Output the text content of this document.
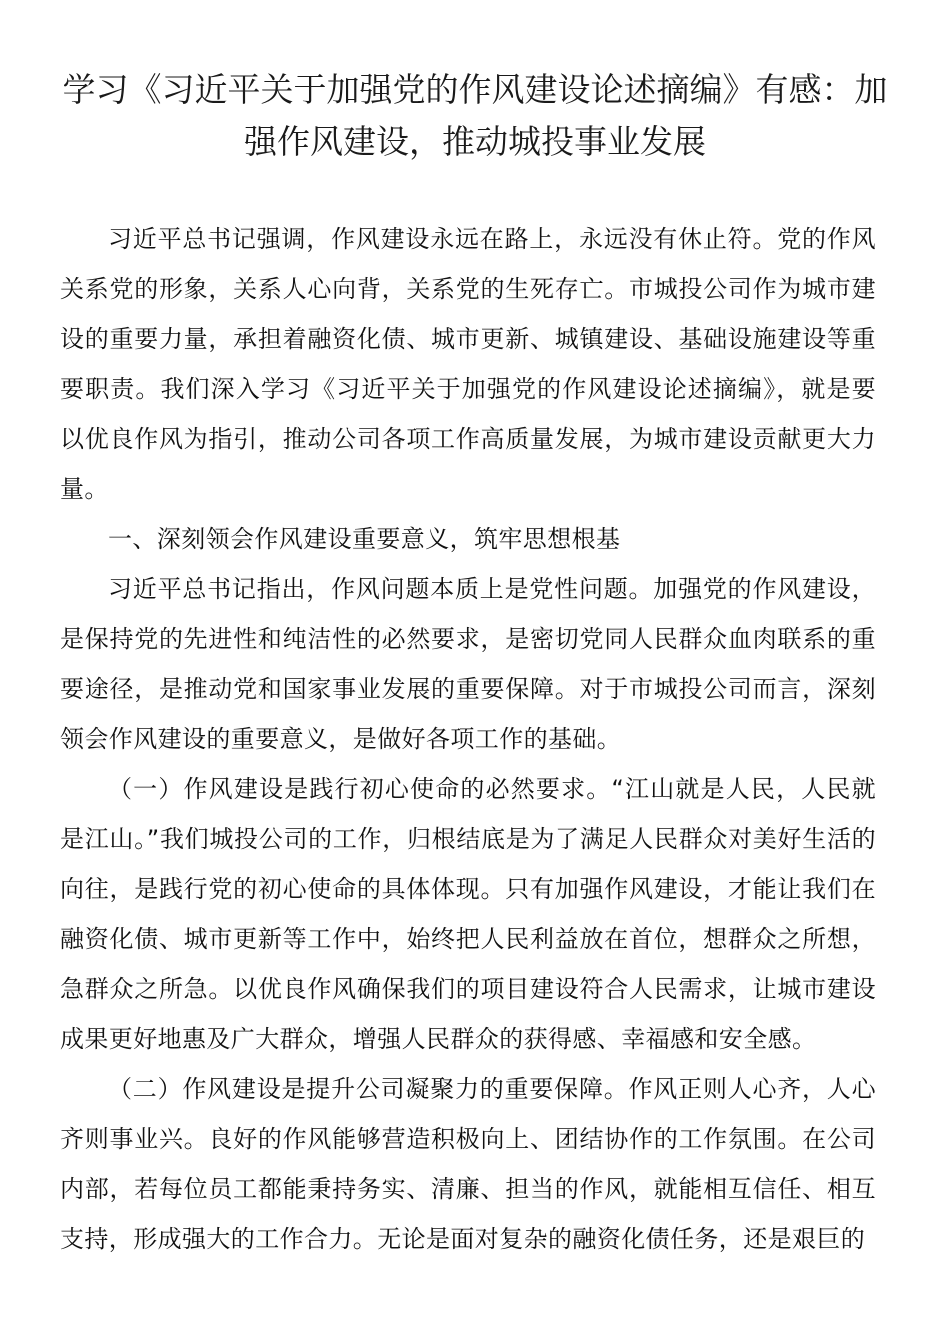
学习《习近平关于加强党的作风建设论述摘编》有感：加强作风建设，推动城投事业发展

习近平总书记强调，作风建设永远在路上，永远没有休止符。党的作风关系党的形象，关系人心向背，关系党的生死存亡。市城投公司作为城市建设的重要力量，承担着融资化债、城市更新、城镇建设、基础设施建设等重要职责。我们深入学习《习近平关于加强党的作风建设论述摘编》，就是要以优良作风为指引，推动公司各项工作高质量发展，为城市建设贡献更大力量。

一、深刻领会作风建设重要意义，筑牢思想根基

习近平总书记指出，作风问题本质上是党性问题。加强党的作风建设，是保持党的先进性和纯洁性的必然要求，是密切党同人民群众血肉联系的重要途径，是推动党和国家事业发展的重要保障。对于市城投公司而言，深刻领会作风建设的重要意义，是做好各项工作的基础。

（一）作风建设是践行初心使命的必然要求。“江山就是人民，人民就是江山。”我们城投公司的工作，归根结底是为了满足人民群众对美好生活的向往，是践行党的初心使命的具体体现。只有加强作风建设，才能让我们在融资化债、城市更新等工作中，始终把人民利益放在首位，想群众之所想，急群众之所急。以优良作风确保我们的项目建设符合人民需求，让城市建设成果更好地惠及广大群众，增强人民群众的获得感、幸福感和安全感。

（二）作风建设是提升公司凝聚力的重要保障。作风正则人心齐，人心齐则事业兴。良好的作风能够营造积极向上、团结协作的工作氛围。在公司内部，若每位员工都能秉持务实、清廉、担当的作风，就能相互信任、相互支持，形成强大的工作合力。无论是面对复杂的融资化债任务，还是艰巨的
